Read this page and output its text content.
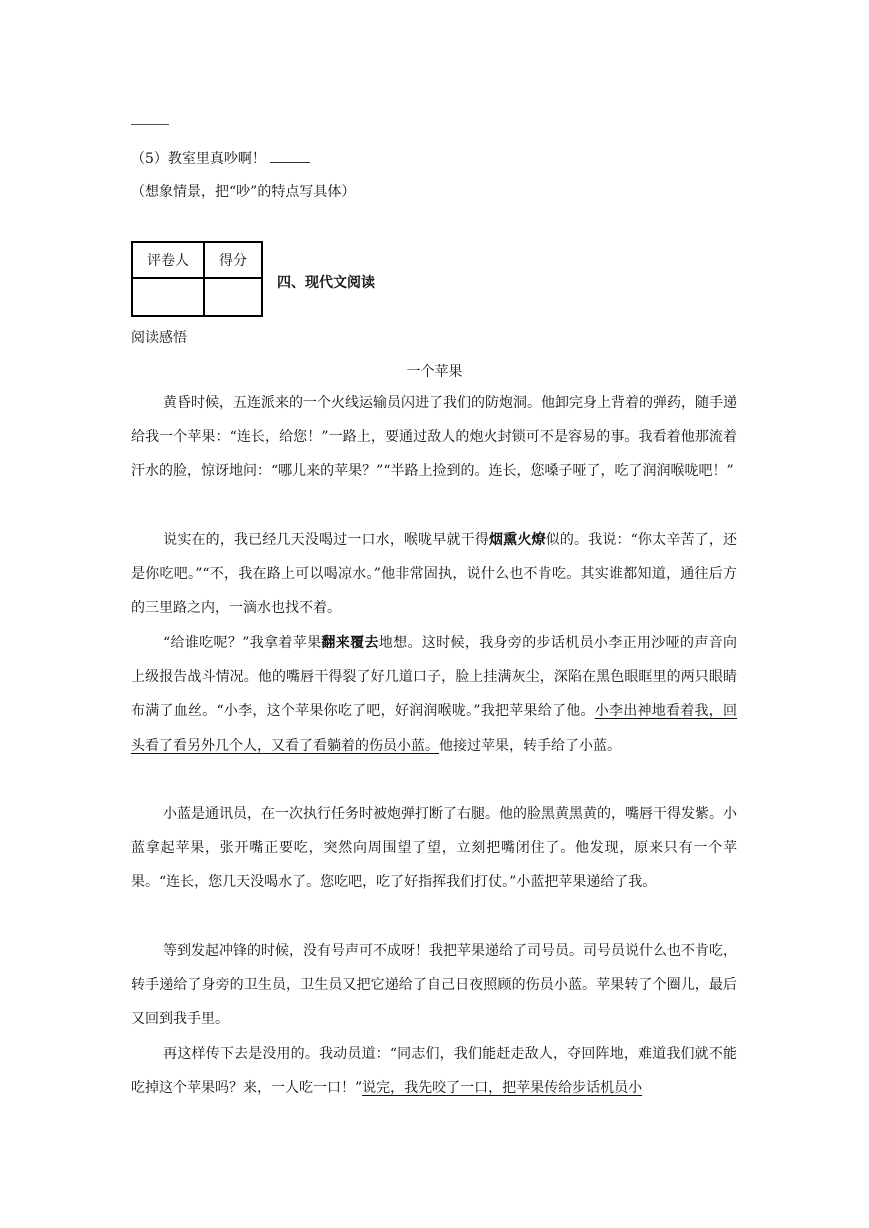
（5）教室里真吵啊！
（想象情景，把“吵”的特点写具体）
评卷人	得分

四、现代文阅读
阅读感悟
一个苹果
黄昏时候，五连派来的一个火线运输员闪进了我们的防炮洞。他卸完身上背着的弹药，随手递给我一个苹果：“连长，给您！”一路上，要通过敌人的炮火封锁可不是容易的事。我看着他那流着汗水的脸，惊讶地问：“哪儿来的苹果？”“半路上捡到的。连长，您嗓子哑了，吃了润润喉咙吧！”
说实在的，我已经几天没喝过一口水，喉咙早就干得烟熏火燎似的。我说：“你太辛苦了，还是你吃吧。”“不，我在路上可以喝凉水。”他非常固执，说什么也不肯吃。其实谁都知道，通往后方的三里路之内，一滴水也找不着。
“给谁吃呢？”我拿着苹果翻来覆去地想。这时候，我身旁的步话机员小李正用沙哑的声音向上级报告战斗情况。他的嘴唇干得裂了好几道口子，脸上挂满灰尘，深陷在黑色眼眶里的两只眼睛布满了血丝。“小李，这个苹果你吃了吧，好润润喉咙。”我把苹果给了他。小李出神地看着我，回头看了看另外几个人，又看了看躺着的伤员小蓝。他接过苹果，转手给了小蓝。
小蓝是通讯员，在一次执行任务时被炮弹打断了右腿。他的脸黑黄黑黄的，嘴唇干得发紫。小蓝拿起苹果，张开嘴正要吃，突然向周围望了望，立刻把嘴闭住了。他发现，原来只有一个苹果。“连长，您几天没喝水了。您吃吧，吃了好指挥我们打仗。”小蓝把苹果递给了我。
等到发起冲锋的时候，没有号声可不成呀！我把苹果递给了司号员。司号员说什么也不肯吃，转手递给了身旁的卫生员，卫生员又把它递给了自己日夜照顾的伤员小蓝。苹果转了个圈儿，最后又回到我手里。
再这样传下去是没用的。我动员道：“同志们，我们能赶走敌人，夺回阵地，难道我们就不能吃掉这个苹果吗？来，一人吃一口！”说完，我先咬了一口，把苹果传给步话机员小
